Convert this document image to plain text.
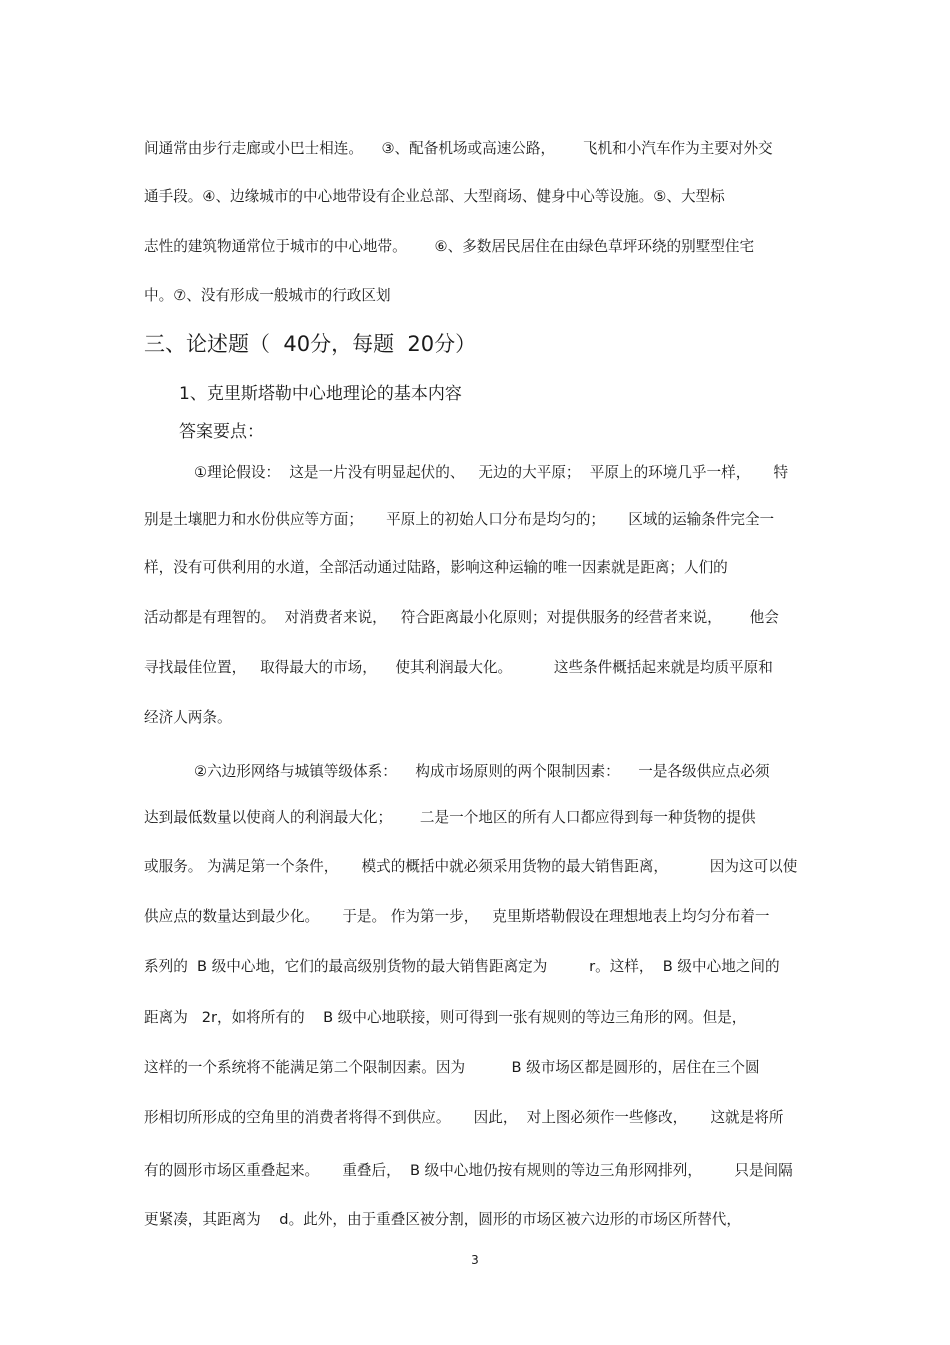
间通常由步行走廊或小巴士相连。    ③、配备机场或高速公路，      飞机和小汽车作为主要对外交
通手段。④、边缘城市的中心地带设有企业总部、大型商场、健身中心等设施。⑤、大型标
志性的建筑物通常位于城市的中心地带。      ⑥、多数居民居住在由绿色草坪环绕的别墅型住宅
中。⑦、没有形成一般城市的行政区划
三、论述题（  40分，每题  20分）
1、克里斯塔勒中心地理论的基本内容
答案要点：
①理论假设：  这是一片没有明显起伏的、   无边的大平原；  平原上的环境几乎一样，     特
别是土壤肥力和水份供应等方面；     平原上的初始人口分布是均匀的；     区域的运输条件完全一
样，没有可供利用的水道，全部活动通过陆路，影响这种运输的唯一因素就是距离；人们的
活动都是有理智的。  对消费者来说，   符合距离最小化原则；对提供服务的经营者来说，      他会
寻找最佳位置，   取得最大的市场，    使其利润最大化。         这些条件概括起来就是均质平原和
经济人两条。
②六边形网络与城镇等级体系：    构成市场原则的两个限制因素：    一是各级供应点必须
达到最低数量以使商人的利润最大化；      二是一个地区的所有人口都应得到每一种货物的提供
或服务。 为满足第一个条件，     模式的概括中就必须采用货物的最大销售距离，         因为这可以使
供应点的数量达到最少化。     于是。 作为第一步，   克里斯塔勒假设在理想地表上均匀分布着一
系列的  B 级中心地，它们的最高级别货物的最大销售距离定为         r。这样，  B 级中心地之间的
距离为   2r，如将所有的    B 级中心地联接，则可得到一张有规则的等边三角形的网。但是，
这样的一个系统将不能满足第二个限制因素。因为          B 级市场区都是圆形的，居住在三个圆
形相切所形成的空角里的消费者将得不到供应。     因此，  对上图必须作一些修改，     这就是将所
有的圆形市场区重叠起来。     重叠后，  B 级中心地仍按有规则的等边三角形网排列，       只是间隔
更紧凑，其距离为    d。此外，由于重叠区被分割，圆形的市场区被六边形的市场区所替代，
3
